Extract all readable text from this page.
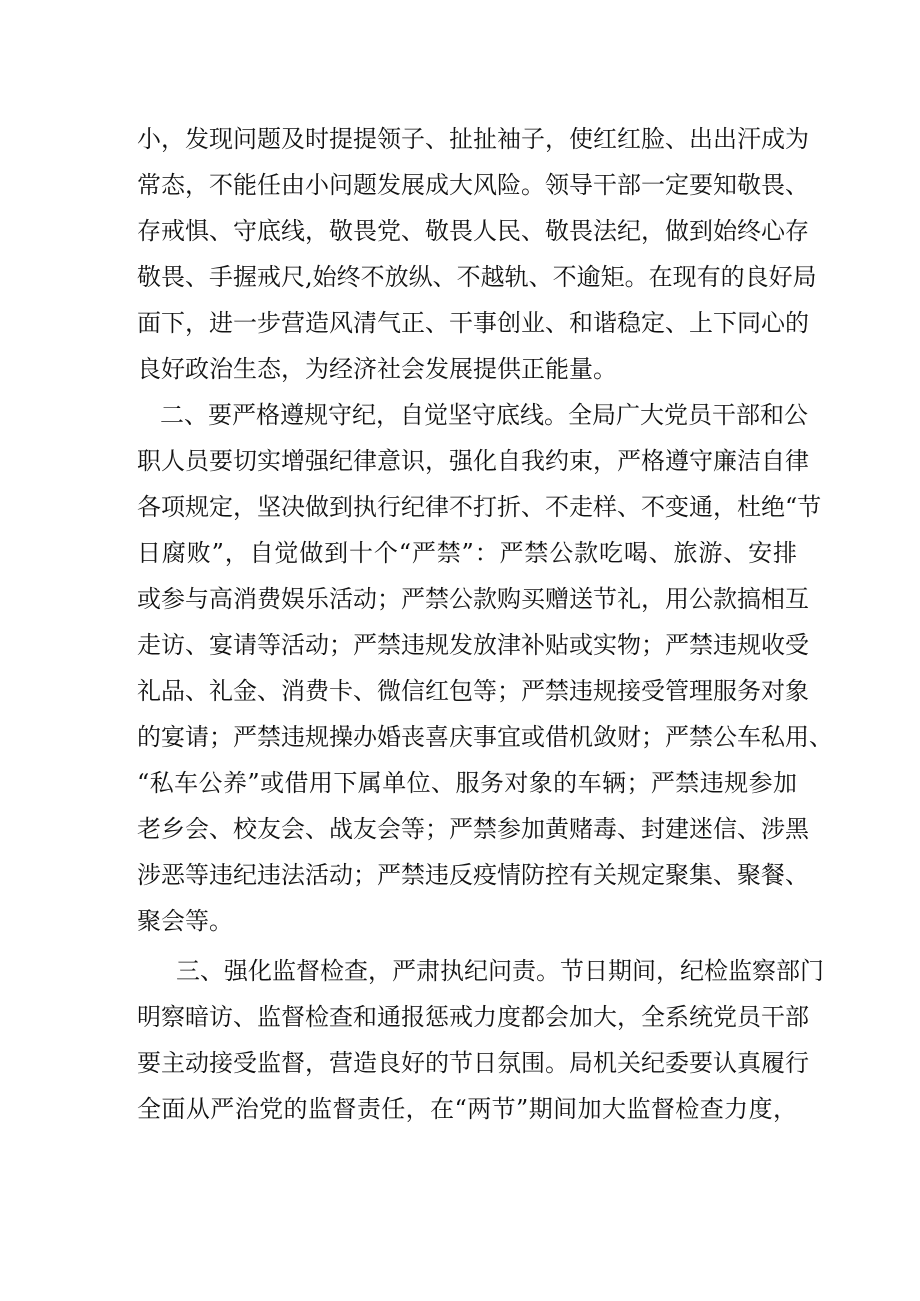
小，发现问题及时提提领子、扯扯袖子，使红红脸、出出汗成为

常态，不能任由小问题发展成大风险。领导干部一定要知敬畏、

存戒惧、守底线，敬畏党、敬畏人民、敬畏法纪，做到始终心存

敬畏、手握戒尺,始终不放纵、不越轨、不逾矩。在现有的良好局

面下，进一步营造风清气正、干事创业、和谐稳定、上下同心的

良好政治生态，为经济社会发展提供正能量。

二、要严格遵规守纪，自觉坚守底线。全局广大党员干部和公

职人员要切实增强纪律意识，强化自我约束，严格遵守廉洁自律

各项规定，坚决做到执行纪律不打折、不走样、不变通，杜绝“节

日腐败”，自觉做到十个“严禁”：严禁公款吃喝、旅游、安排

或参与高消费娱乐活动；严禁公款购买赠送节礼，用公款搞相互

走访、宴请等活动；严禁违规发放津补贴或实物；严禁违规收受

礼品、礼金、消费卡、微信红包等；严禁违规接受管理服务对象

的宴请；严禁违规操办婚丧喜庆事宜或借机敛财；严禁公车私用、

“私车公养”或借用下属单位、服务对象的车辆；严禁违规参加

老乡会、校友会、战友会等；严禁参加黄赌毒、封建迷信、涉黑

涉恶等违纪违法活动；严禁违反疫情防控有关规定聚集、聚餐、

聚会等。

三、强化监督检查，严肃执纪问责。节日期间，纪检监察部门

明察暗访、监督检查和通报惩戒力度都会加大，全系统党员干部

要主动接受监督，营造良好的节日氛围。局机关纪委要认真履行

全面从严治党的监督责任，在“两节”期间加大监督检查力度，
